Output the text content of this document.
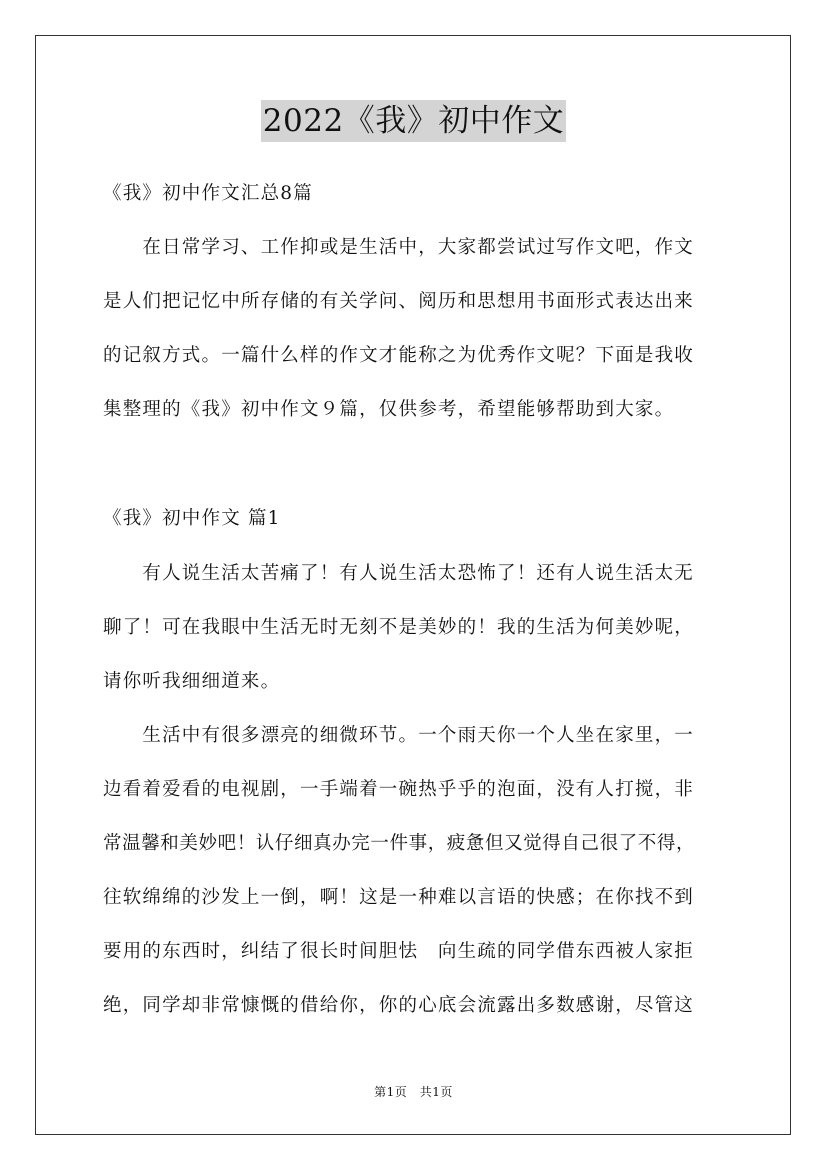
2022《我》初中作文
《我》初中作文汇总8篇
　　在日常学习、工作抑或是生活中，大家都尝试过写作文吧，作文
是人们把记忆中所存储的有关学问、阅历和思想用书面形式表达出来
的记叙方式。一篇什么样的作文才能称之为优秀作文呢？下面是我收
集整理的《我》初中作文９篇，仅供参考，希望能够帮助到大家。
《我》初中作文 篇1
　　有人说生活太苦痛了！有人说生活太恐怖了！还有人说生活太无
聊了！可在我眼中生活无时无刻不是美妙的！我的生活为何美妙呢，
请你听我细细道来。
　　生活中有很多漂亮的细微环节。一个雨天你一个人坐在家里，一
边看着爱看的电视剧，一手端着一碗热乎乎的泡面，没有人打搅，非
常温馨和美妙吧！认仔细真办完一件事，疲惫但又觉得自己很了不得，
往软绵绵的沙发上一倒，啊！这是一种难以言语的快感；在你找不到
要用的东西时，纠结了很长时间胆怯　向生疏的同学借东西被人家拒
绝，同学却非常慷慨的借给你，你的心底会流露出多数感谢，尽管这
第1页　共1页
